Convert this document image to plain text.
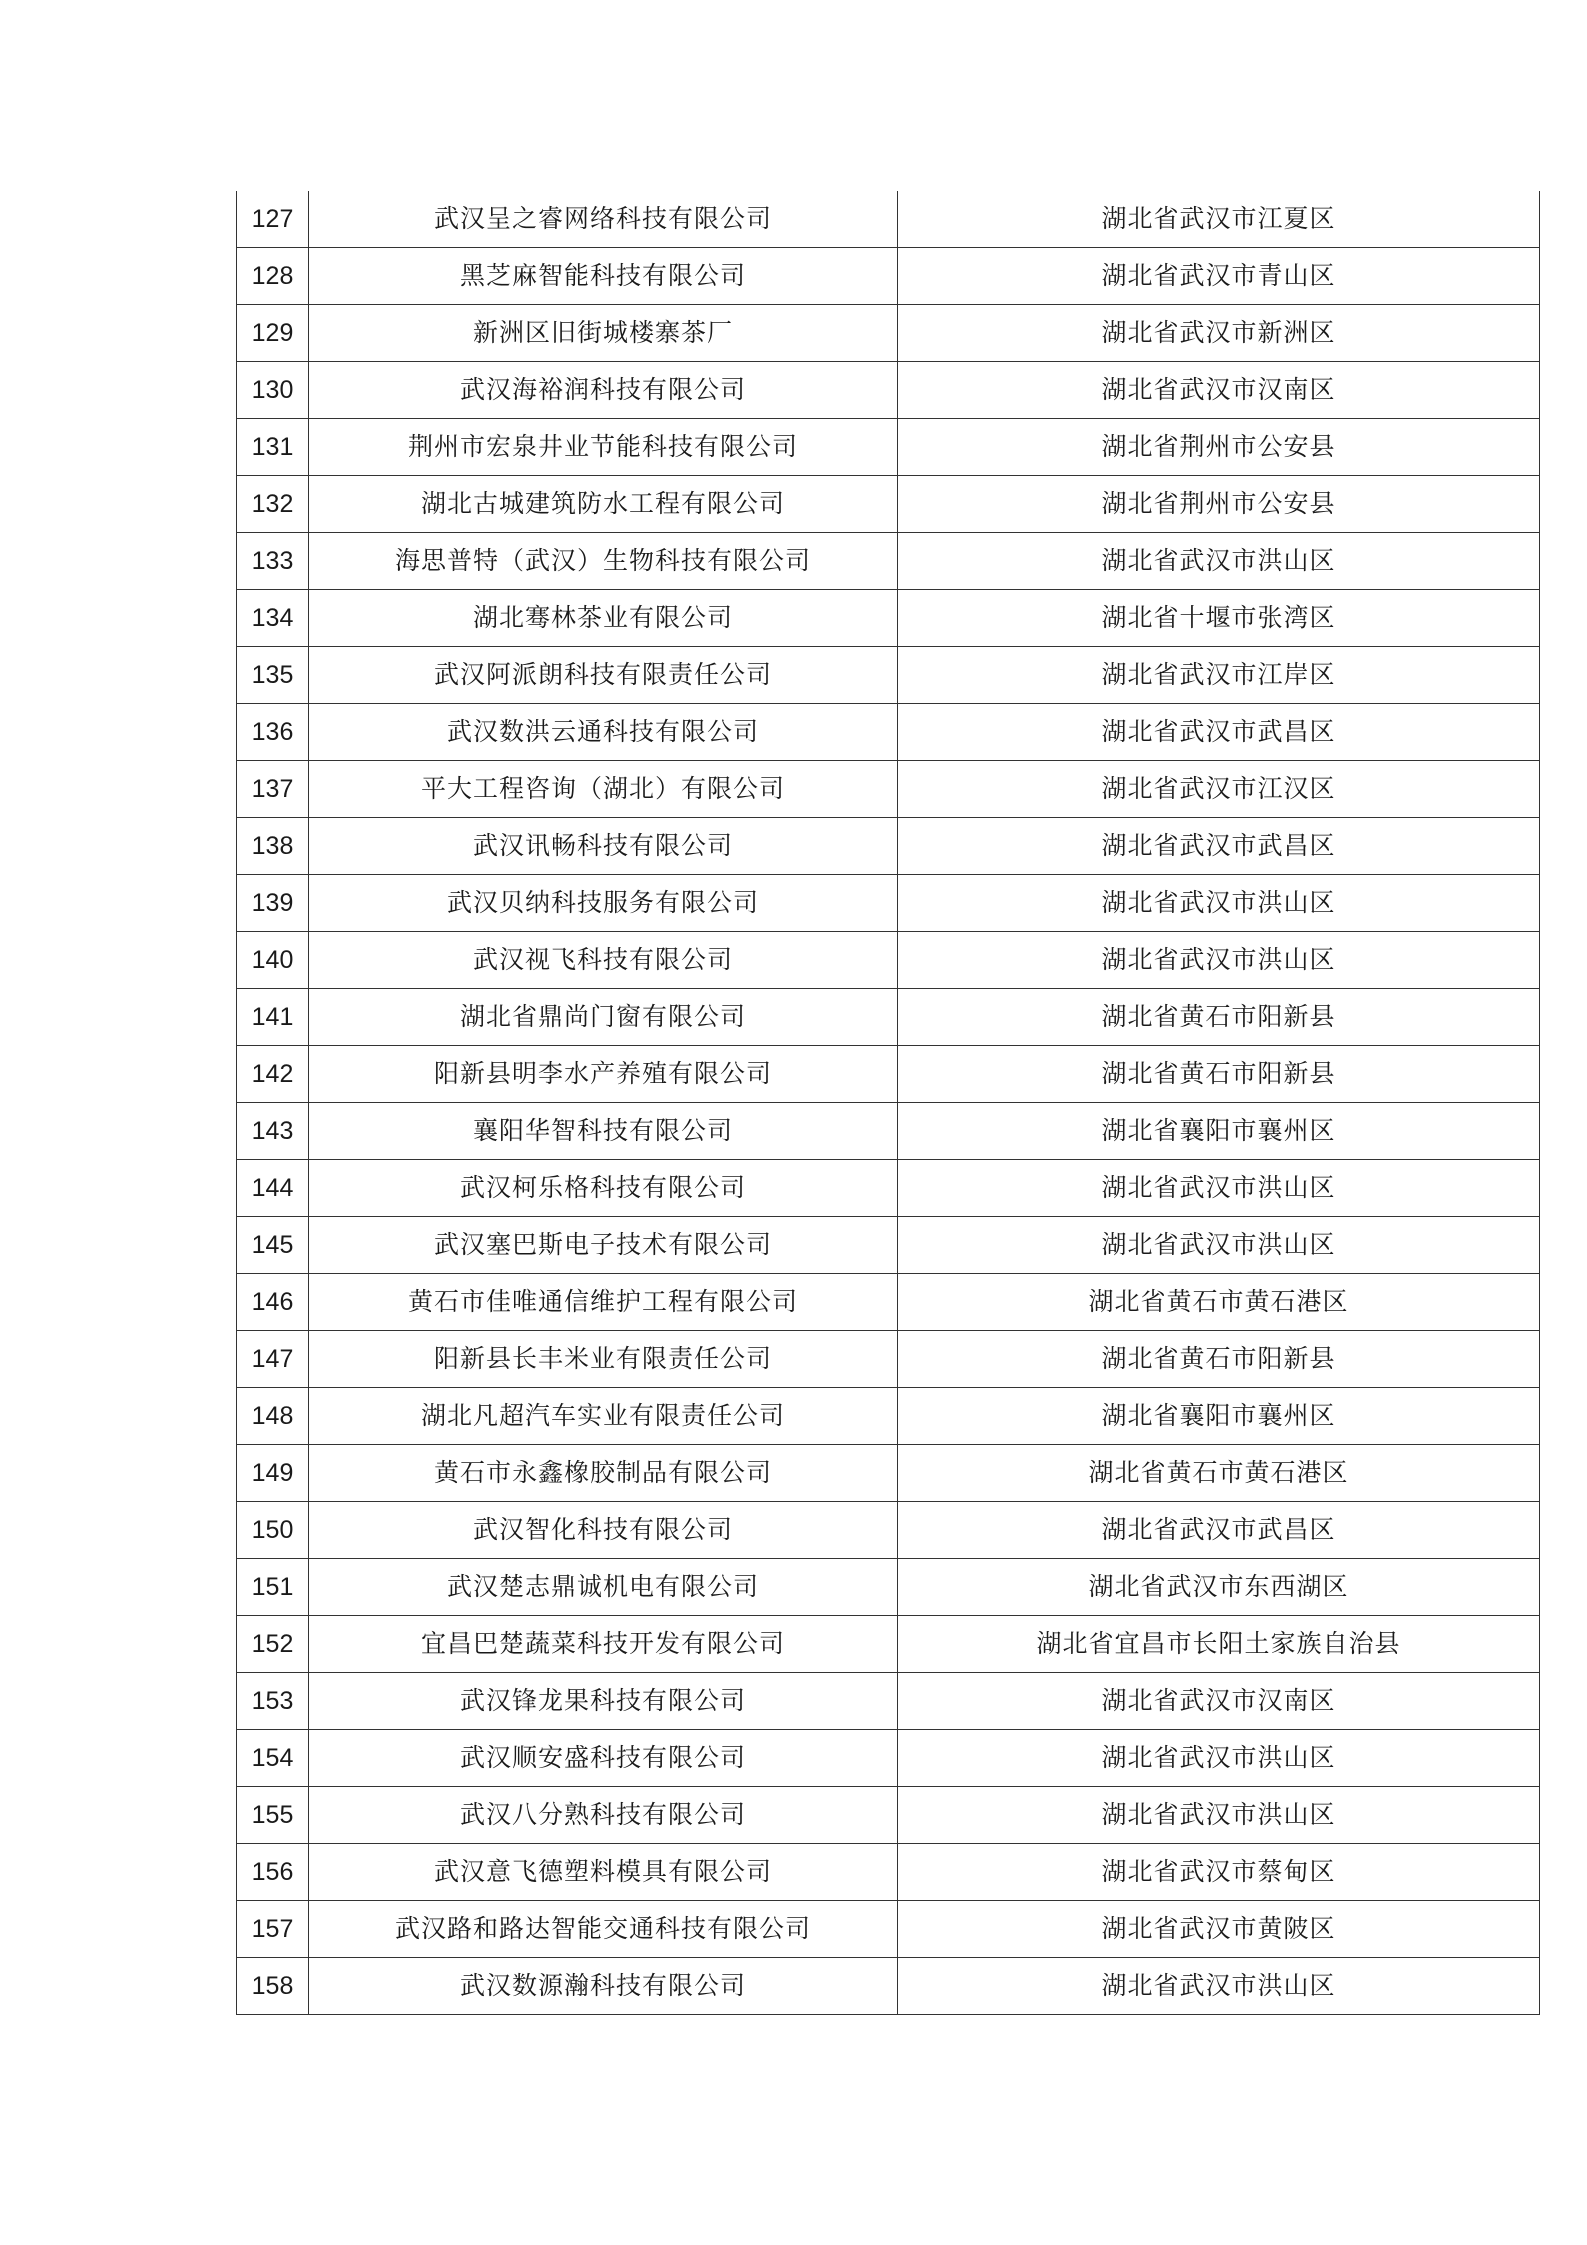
127	武汉呈之睿网络科技有限公司	湖北省武汉市江夏区
128	黑芝麻智能科技有限公司	湖北省武汉市青山区
129	新洲区旧街城楼寨茶厂	湖北省武汉市新洲区
130	武汉海裕润科技有限公司	湖北省武汉市汉南区
131	荆州市宏泉井业节能科技有限公司	湖北省荆州市公安县
132	湖北古城建筑防水工程有限公司	湖北省荆州市公安县
133	海思普特（武汉）生物科技有限公司	湖北省武汉市洪山区
134	湖北骞林茶业有限公司	湖北省十堰市张湾区
135	武汉阿派朗科技有限责任公司	湖北省武汉市江岸区
136	武汉数洪云通科技有限公司	湖北省武汉市武昌区
137	平大工程咨询（湖北）有限公司	湖北省武汉市江汉区
138	武汉讯畅科技有限公司	湖北省武汉市武昌区
139	武汉贝纳科技服务有限公司	湖北省武汉市洪山区
140	武汉视飞科技有限公司	湖北省武汉市洪山区
141	湖北省鼎尚门窗有限公司	湖北省黄石市阳新县
142	阳新县明李水产养殖有限公司	湖北省黄石市阳新县
143	襄阳华智科技有限公司	湖北省襄阳市襄州区
144	武汉柯乐格科技有限公司	湖北省武汉市洪山区
145	武汉塞巴斯电子技术有限公司	湖北省武汉市洪山区
146	黄石市佳唯通信维护工程有限公司	湖北省黄石市黄石港区
147	阳新县长丰米业有限责任公司	湖北省黄石市阳新县
148	湖北凡超汽车实业有限责任公司	湖北省襄阳市襄州区
149	黄石市永鑫橡胶制品有限公司	湖北省黄石市黄石港区
150	武汉智化科技有限公司	湖北省武汉市武昌区
151	武汉楚志鼎诚机电有限公司	湖北省武汉市东西湖区
152	宜昌巴楚蔬菜科技开发有限公司	湖北省宜昌市长阳土家族自治县
153	武汉锋龙果科技有限公司	湖北省武汉市汉南区
154	武汉顺安盛科技有限公司	湖北省武汉市洪山区
155	武汉八分熟科技有限公司	湖北省武汉市洪山区
156	武汉意飞德塑料模具有限公司	湖北省武汉市蔡甸区
157	武汉路和路达智能交通科技有限公司	湖北省武汉市黄陂区
158	武汉数源瀚科技有限公司	湖北省武汉市洪山区
